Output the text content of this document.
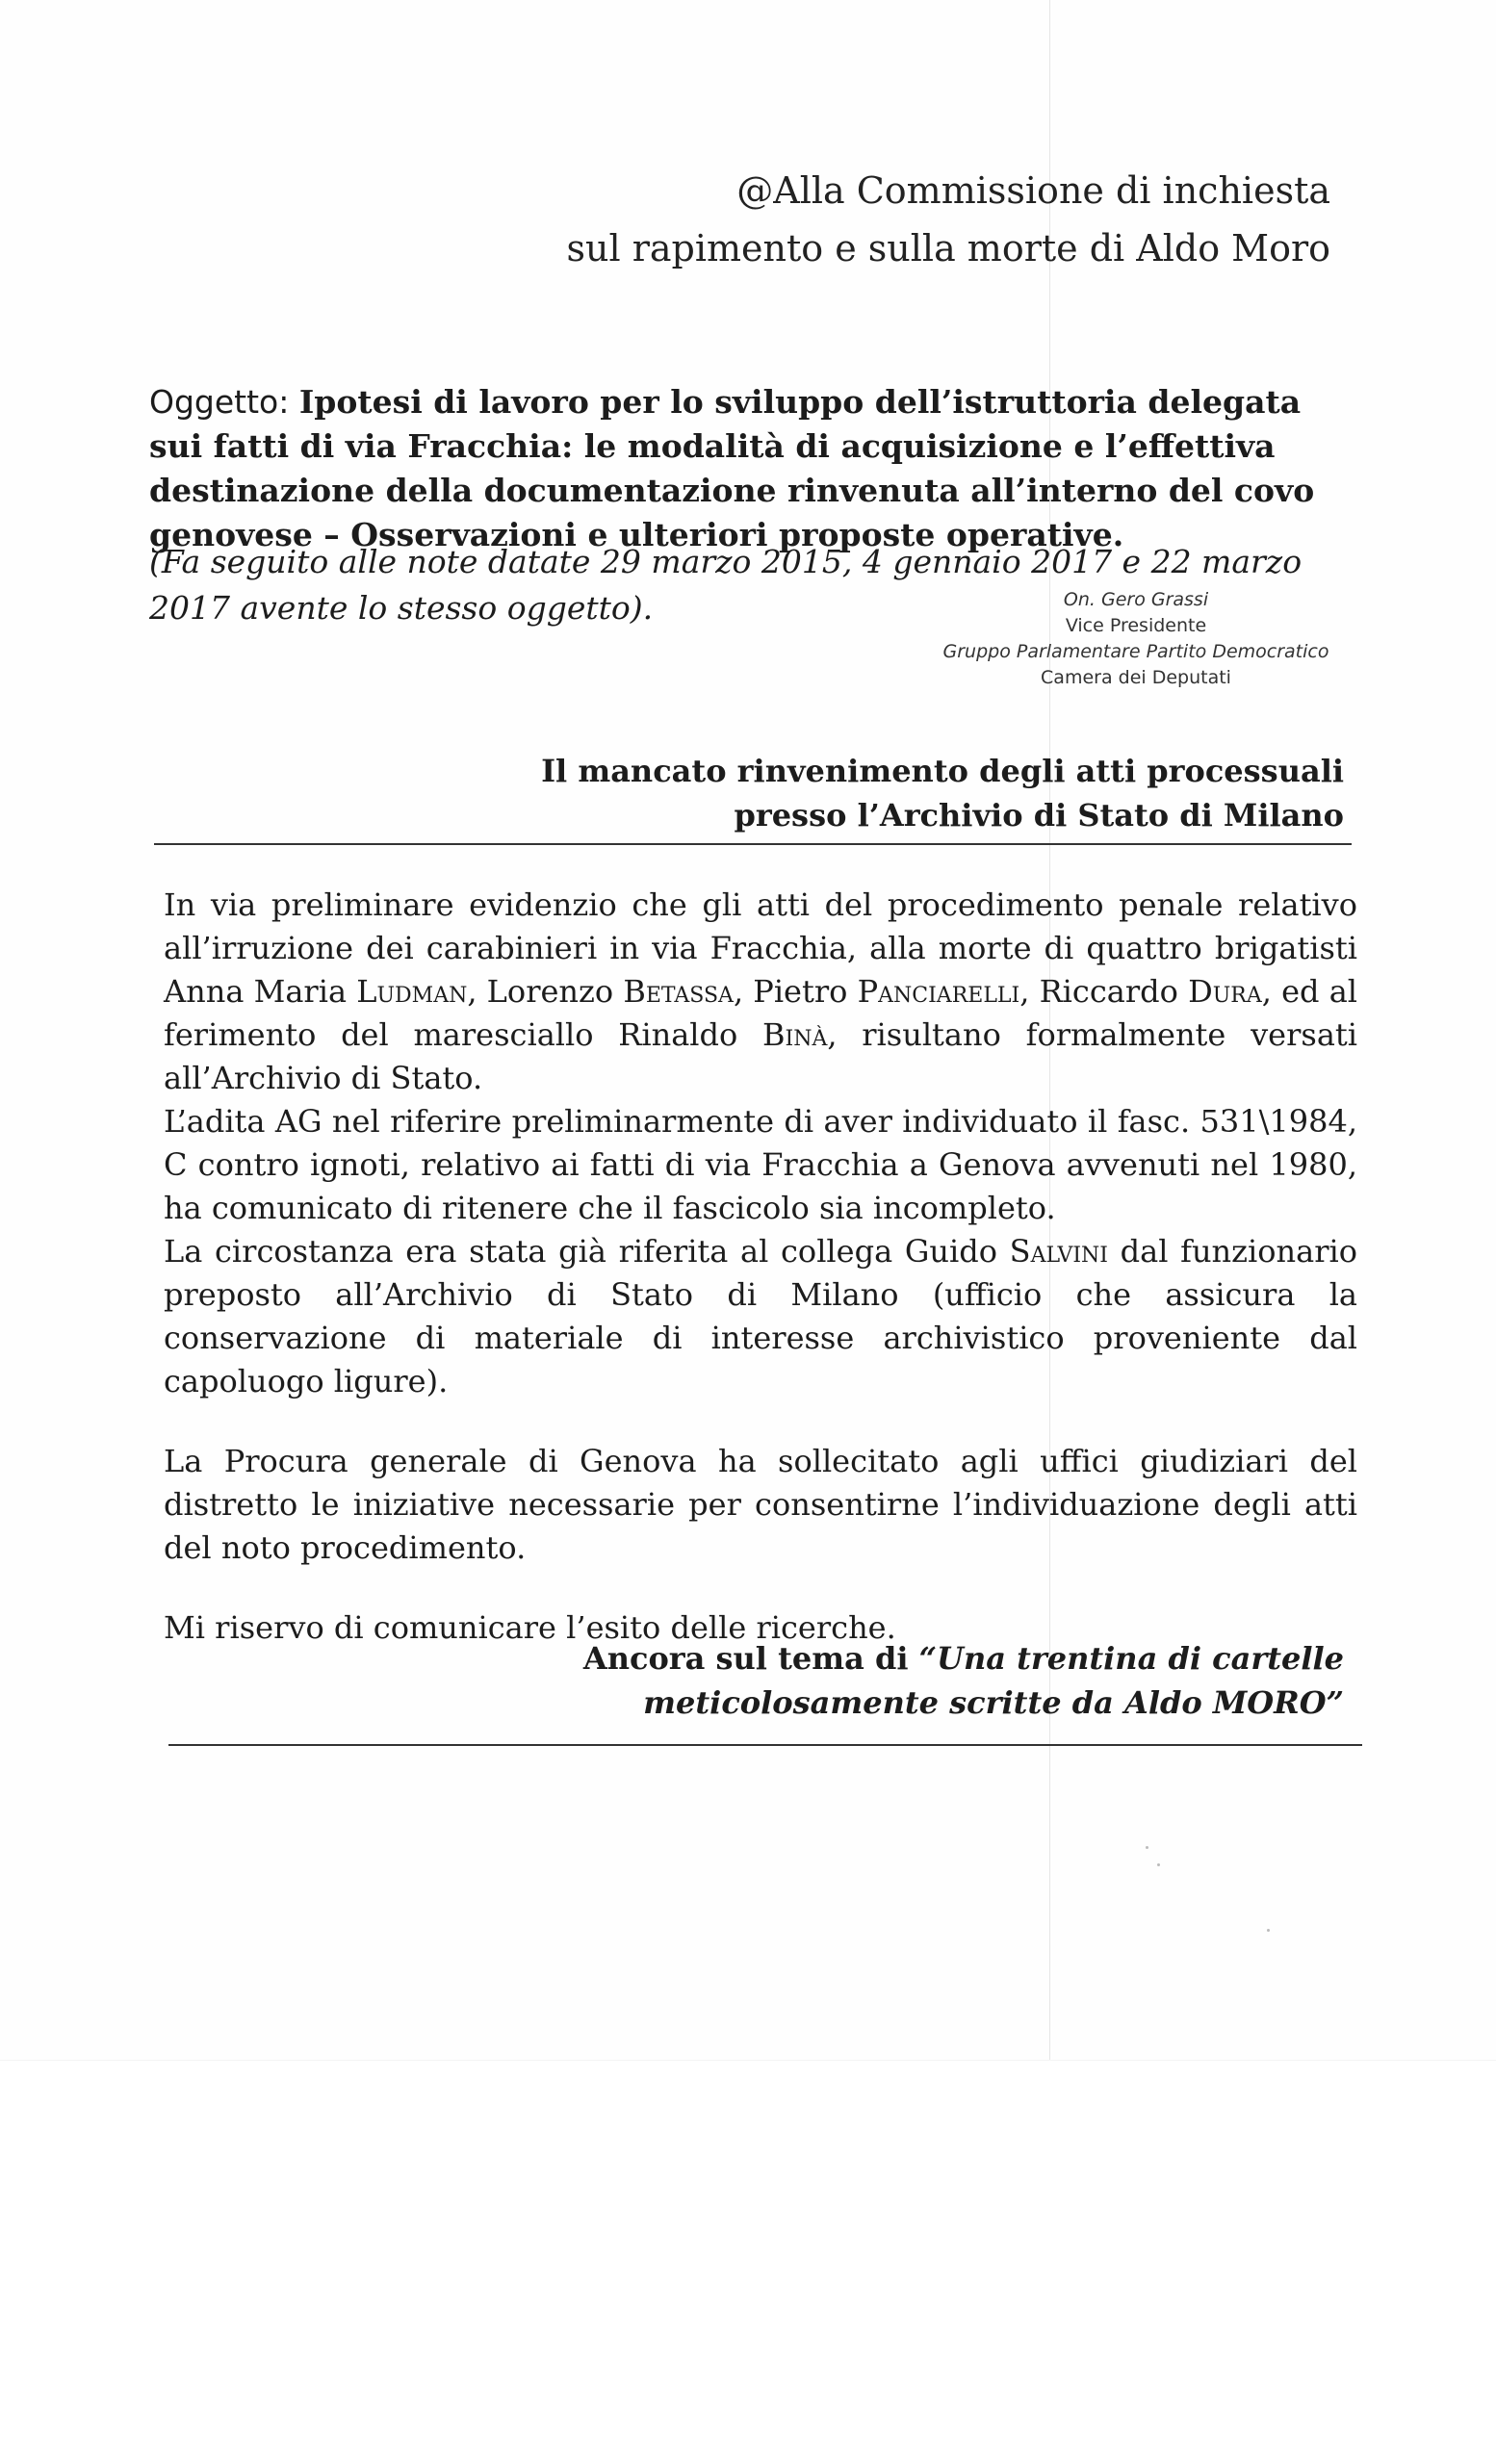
@Alla Commissione di inchiesta
sul rapimento e sulla morte di Aldo Moro
Oggetto: Ipotesi di lavoro per lo sviluppo dell’istruttoria delegata sui fatti di via Fracchia: le modalità di acquisizione e l’effettiva destinazione della documentazione rinvenuta all’interno del covo genovese – Osservazioni e ulteriori proposte operative.
(Fa seguito alle note datate 29 marzo 2015, 4 gennaio 2017 e 22 marzo 2017 avente lo stesso oggetto).	On. Gero Grassi
Vice Presidente
Gruppo Parlamentare Partito Democratico
Camera dei Deputati
Il mancato rinvenimento degli atti processuali
presso l’Archivio di Stato di Milano

In via preliminare evidenzio che gli atti del procedimento penale relativo all’irruzione dei carabinieri in via Fracchia, alla morte di quattro brigatisti Anna Maria Ludman, Lorenzo Betassa, Pietro Panciarelli, Riccardo Dura, ed al ferimento del maresciallo Rinaldo Binà, risultano formalmente versati all’Archivio di Stato.

L’adita AG nel riferire preliminarmente di aver individuato il fasc. 531\1984, C contro ignoti, relativo ai fatti di via Fracchia a Genova avvenuti nel 1980, ha comunicato di ritenere che il fascicolo sia incompleto.

La circostanza era stata già riferita al collega Guido Salvini dal funzionario preposto all’Archivio di Stato di Milano (ufficio che assicura la conservazione di materiale di interesse archivistico proveniente dal capoluogo ligure).

La Procura generale di Genova ha sollecitato agli uffici giudiziari del distretto le iniziative necessarie per consentirne l’individuazione degli atti del noto procedimento.

Mi riservo di comunicare l’esito delle ricerche.

Ancora sul tema di “Una trentina di cartelle
meticolosamente scritte da Aldo MORO”
